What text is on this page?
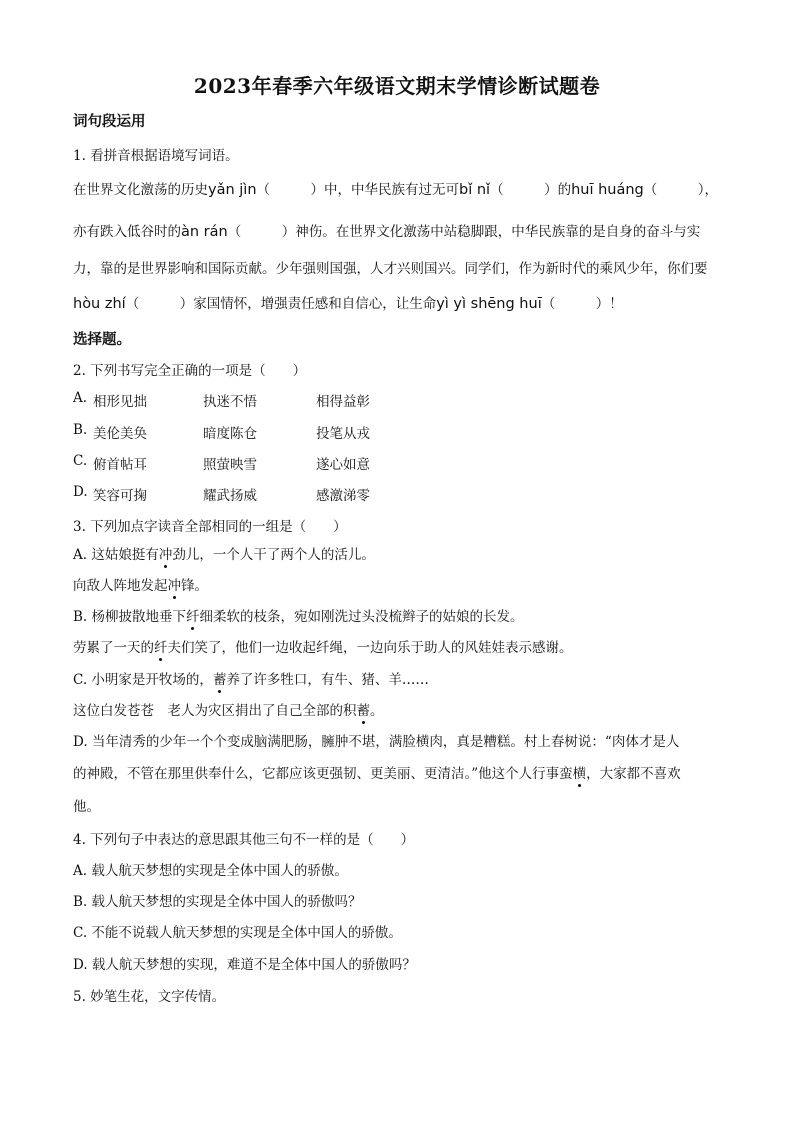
2023年春季六年级语文期末学情诊断试题卷
词句段运用
1. 看拼音根据语境写词语。
在世界文化激荡的历史yǎn jìn（　　　）中，中华民族有过无可bǐ nǐ（　　　）的huī huáng（　　　），
亦有跌入低谷时的àn rán（　　　）神伤。在世界文化激荡中站稳脚跟，中华民族靠的是自身的奋斗与实
力，靠的是世界影响和国际贡献。少年强则国强，人才兴则国兴。同学们，作为新时代的乘风少年，你们要
hòu zhí（　　　）家国情怀，增强责任感和自信心，让生命yì yì shēng huī（　　　）！
选择题。
2. 下列书写完全正确的一项是（　　）
A. 相形见拙	执迷不悟	相得益彰
B. 美伦美奂	暗度陈仓	投笔从戎
C. 俯首帖耳	照萤映雪	遂心如意
D. 笑容可掬	耀武扬威	感激涕零
3. 下列加点字读音全部相同的一组是（　　）
A. 这姑娘挺有冲劲儿，一个人干了两个人的活儿。
向敌人阵地发起冲锋。
B. 杨柳披散地垂下纤细柔软的枝条，宛如刚洗过头没梳辫子的姑娘的长发。
劳累了一天的纤夫们笑了，他们一边收起纤绳，一边向乐于助人的风娃娃表示感谢。
C. 小明家是开牧场的，蓄养了许多牲口，有牛、猪、羊……
这位白发苍苍　老人为灾区捐出了自己全部的积蓄。
D. 当年清秀的少年一个个变成脑满肥肠，臃肿不堪，满脸横肉，真是糟糕。村上春树说：“肉体才是人
的神殿，不管在那里供奉什么，它都应该更强韧、更美丽、更清洁。”他这个人行事蛮横，大家都不喜欢
他。
4. 下列句子中表达的意思跟其他三句不一样的是（　　）
A. 载人航天梦想的实现是全体中国人的骄傲。
B. 载人航天梦想的实现是全体中国人的骄傲吗？
C. 不能不说载人航天梦想的实现是全体中国人的骄傲。
D. 载人航天梦想的实现，难道不是全体中国人的骄傲吗？
5. 妙笔生花，文字传情。
